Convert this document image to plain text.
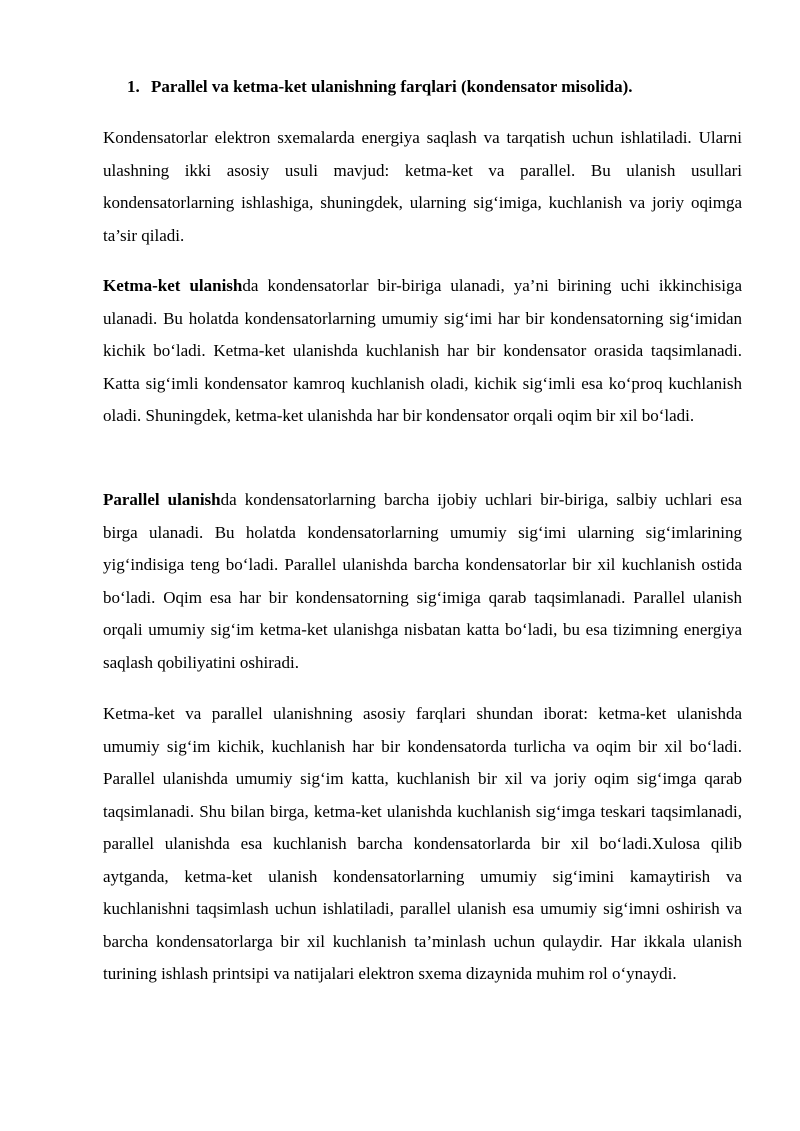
1. Parallel va ketma-ket ulanishning farqlari (kondensator misolida).

Kondensatorlar elektron sxemalarda energiya saqlash va tarqatish uchun ishlatiladi. Ularni ulashning ikki asosiy usuli mavjud: ketma-ket va parallel. Bu ulanish usullari kondensatorlarning ishlashiga, shuningdek, ularning sig‘imiga, kuchlanish va joriy oqimga ta’sir qiladi.

Ketma-ket ulanishda kondensatorlar bir-biriga ulanadi, ya’ni birining uchi ikkinchisiga ulanadi. Bu holatda kondensatorlarning umumiy sig‘imi har bir kondensatorning sig‘imidan kichik bo‘ladi. Ketma-ket ulanishda kuchlanish har bir kondensator orasida taqsimlanadi. Katta sig‘imli kondensator kamroq kuchlanish oladi, kichik sig‘imli esa ko‘proq kuchlanish oladi. Shuningdek, ketma-ket ulanishda har bir kondensator orqali oqim bir xil bo‘ladi.

Parallel ulanishda kondensatorlarning barcha ijobiy uchlari bir-biriga, salbiy uchlari esa birga ulanadi. Bu holatda kondensatorlarning umumiy sig‘imi ularning sig‘imlarining yig‘indisiga teng bo‘ladi. Parallel ulanishda barcha kondensatorlar bir xil kuchlanish ostida bo‘ladi. Oqim esa har bir kondensatorning sig‘imiga qarab taqsimlanadi. Parallel ulanish orqali umumiy sig‘im ketma-ket ulanishga nisbatan katta bo‘ladi, bu esa tizimning energiya saqlash qobiliyatini oshiradi.

Ketma-ket va parallel ulanishning asosiy farqlari shundan iborat: ketma-ket ulanishda umumiy sig‘im kichik, kuchlanish har bir kondensatorda turlicha va oqim bir xil bo‘ladi. Parallel ulanishda umumiy sig‘im katta, kuchlanish bir xil va joriy oqim sig‘imga qarab taqsimlanadi. Shu bilan birga, ketma-ket ulanishda kuchlanish sig‘imga teskari taqsimlanadi, parallel ulanishda esa kuchlanish barcha kondensatorlarda bir xil bo‘ladi.Xulosa qilib aytganda, ketma-ket ulanish kondensatorlarning umumiy sig‘imini kamaytirish va kuchlanishni taqsimlash uchun ishlatiladi, parallel ulanish esa umumiy sig‘imni oshirish va barcha kondensatorlarga bir xil kuchlanish ta’minlash uchun qulaydir. Har ikkala ulanish turining ishlash printsipi va natijalari elektron sxema dizaynida muhim rol o‘ynaydi.
